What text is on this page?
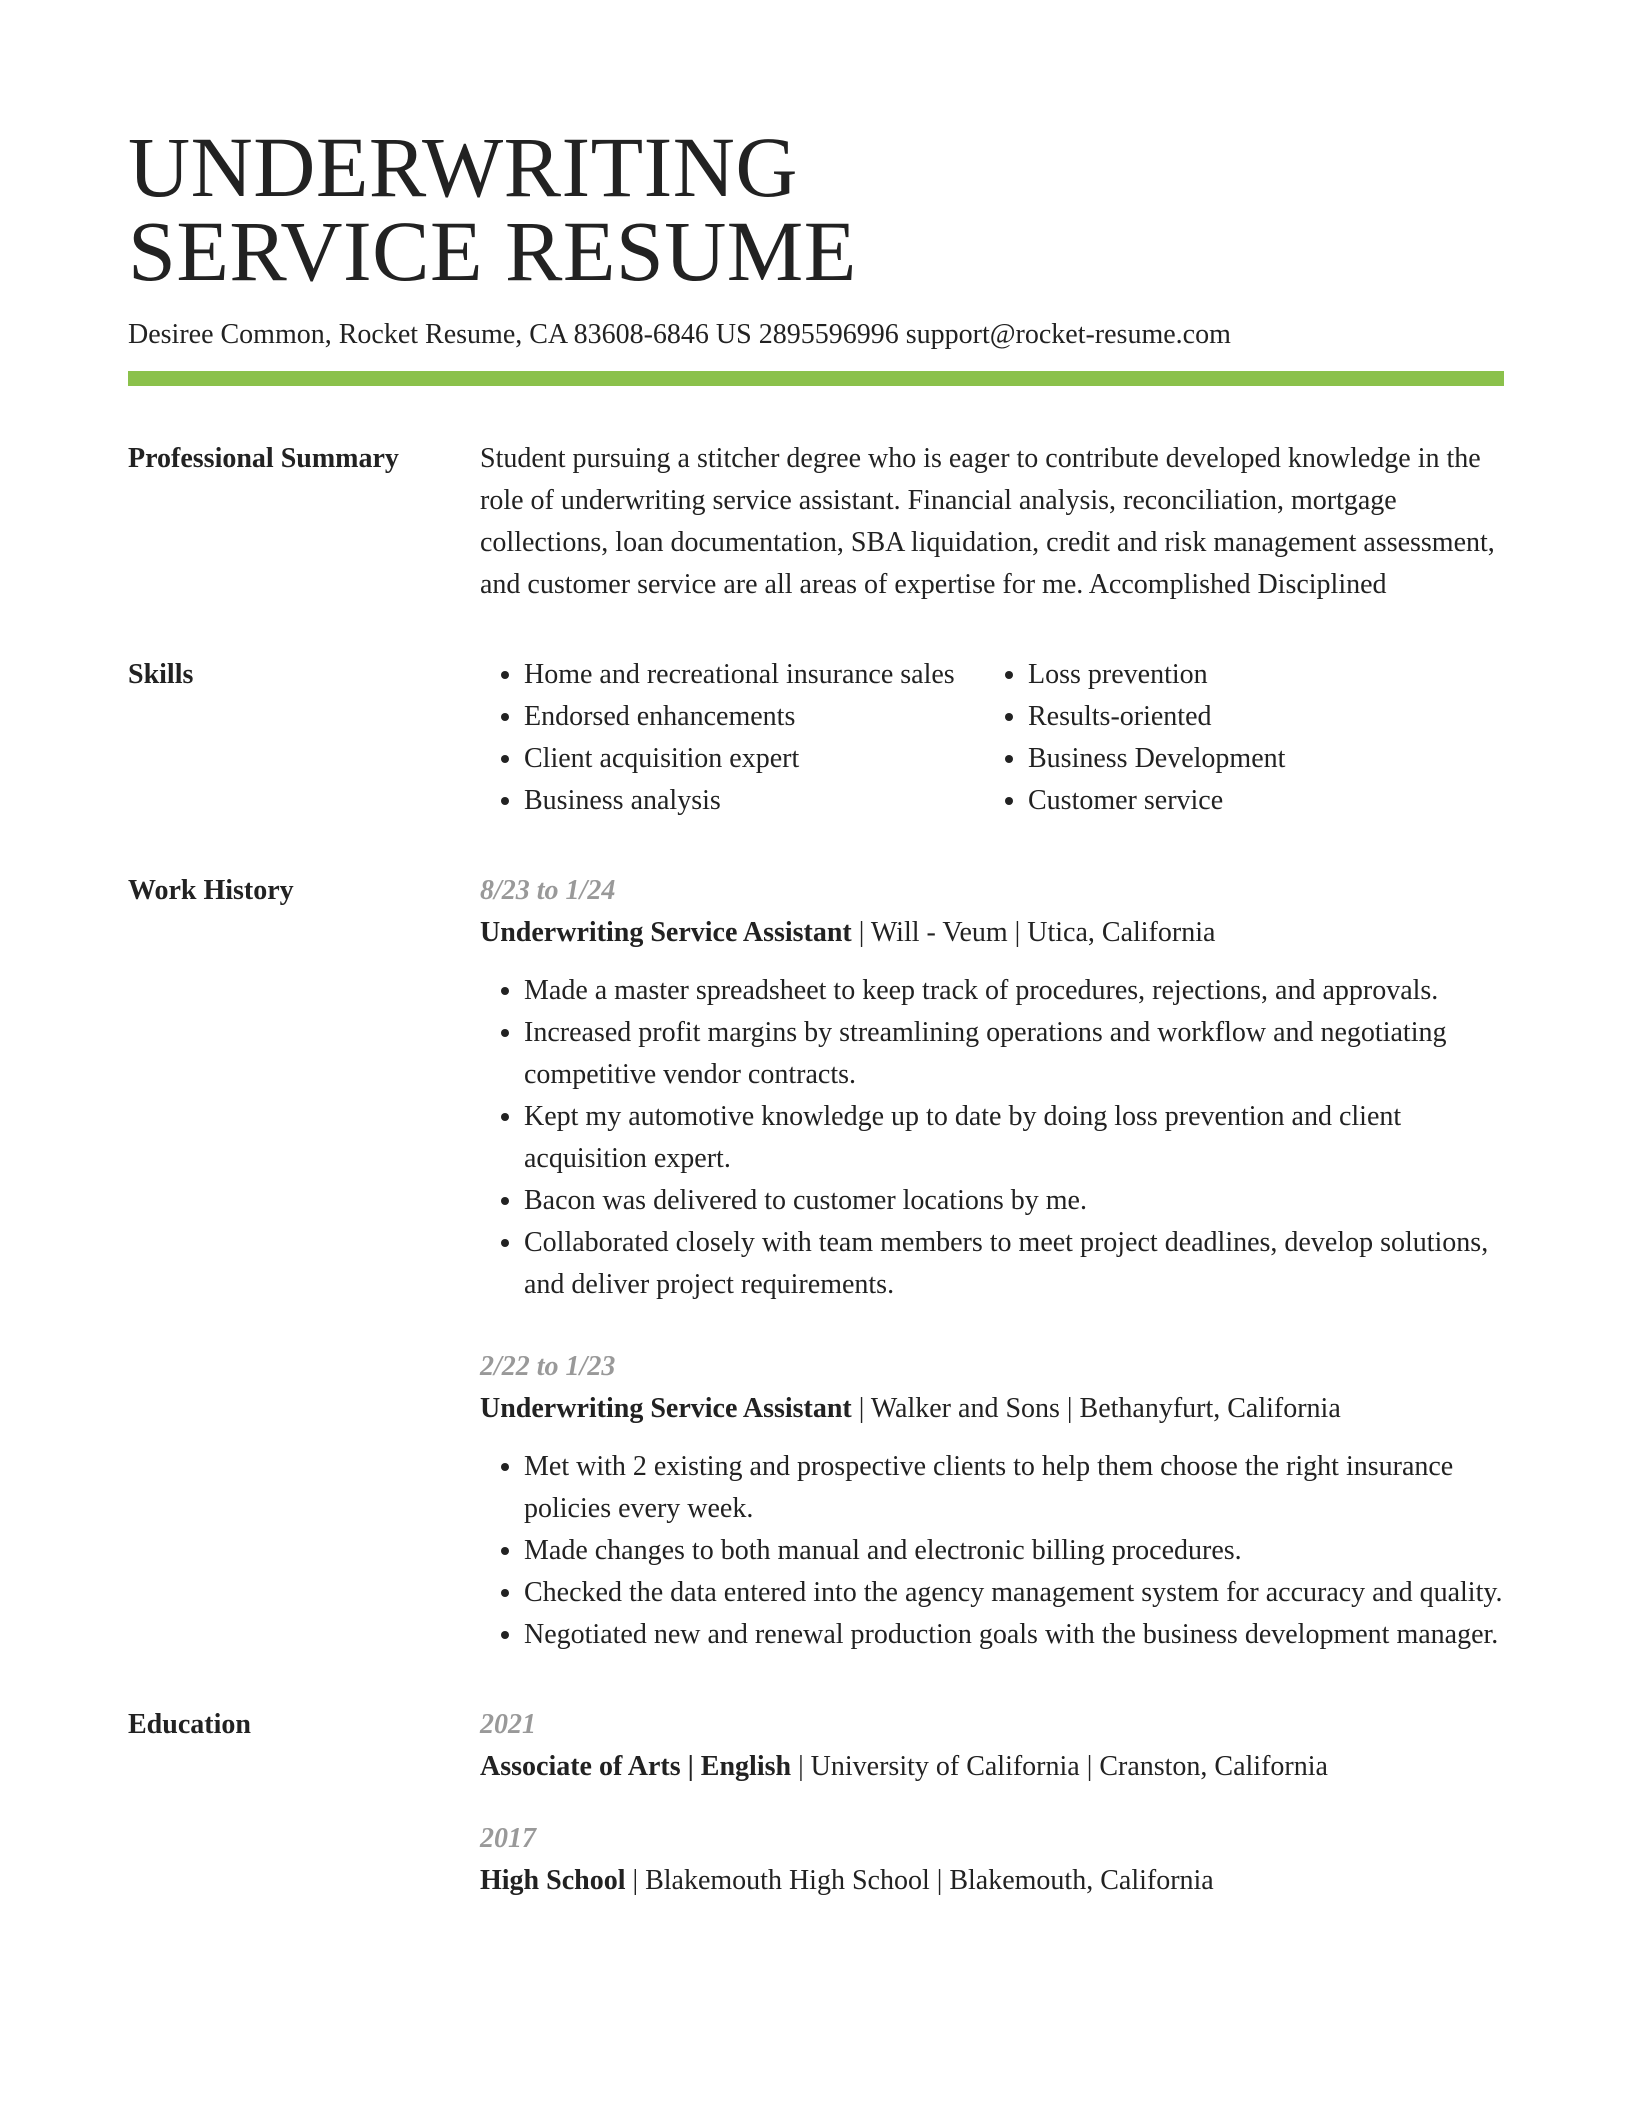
UNDERWRITING
SERVICE RESUME
Desiree Common, Rocket Resume, CA 83608-6846 US 2895596996 support@rocket-resume.com
Professional Summary	Student pursuing a stitcher degree who is eager to contribute developed knowledge in the role of underwriting service assistant. Financial analysis, reconciliation, mortgage collections, loan documentation, SBA liquidation, credit and risk management assessment, and customer service are all areas of expertise for me. Accomplished Disciplined

Skills
•	Home and recreational insurance sales
• Endorsed enhancements
• Client acquisition expert
• Business analysis
• Loss prevention
• Results-oriented
• Business Development
• Customer service
Work History	8/23 to 1/24
Underwriting Service Assistant | Will - Veum | Utica, California
• Made a master spreadsheet to keep track of procedures, rejections, and approvals.
• Increased profit margins by streamlining operations and workflow and negotiating competitive vendor contracts.
• Kept my automotive knowledge up to date by doing loss prevention and client acquisition expert.
• Bacon was delivered to customer locations by me.
• Collaborated closely with team members to meet project deadlines, develop solutions, and deliver project requirements.
2/22 to 1/23
Underwriting Service Assistant | Walker and Sons | Bethanyfurt, California
• Met with 2 existing and prospective clients to help them choose the right insurance policies every week.
• Made changes to both manual and electronic billing procedures.
• Checked the data entered into the agency management system for accuracy and quality.
• Negotiated new and renewal production goals with the business development manager.
Education	2021
Associate of Arts | English | University of California | Cranston, California
2017
High School | Blakemouth High School | Blakemouth, California
